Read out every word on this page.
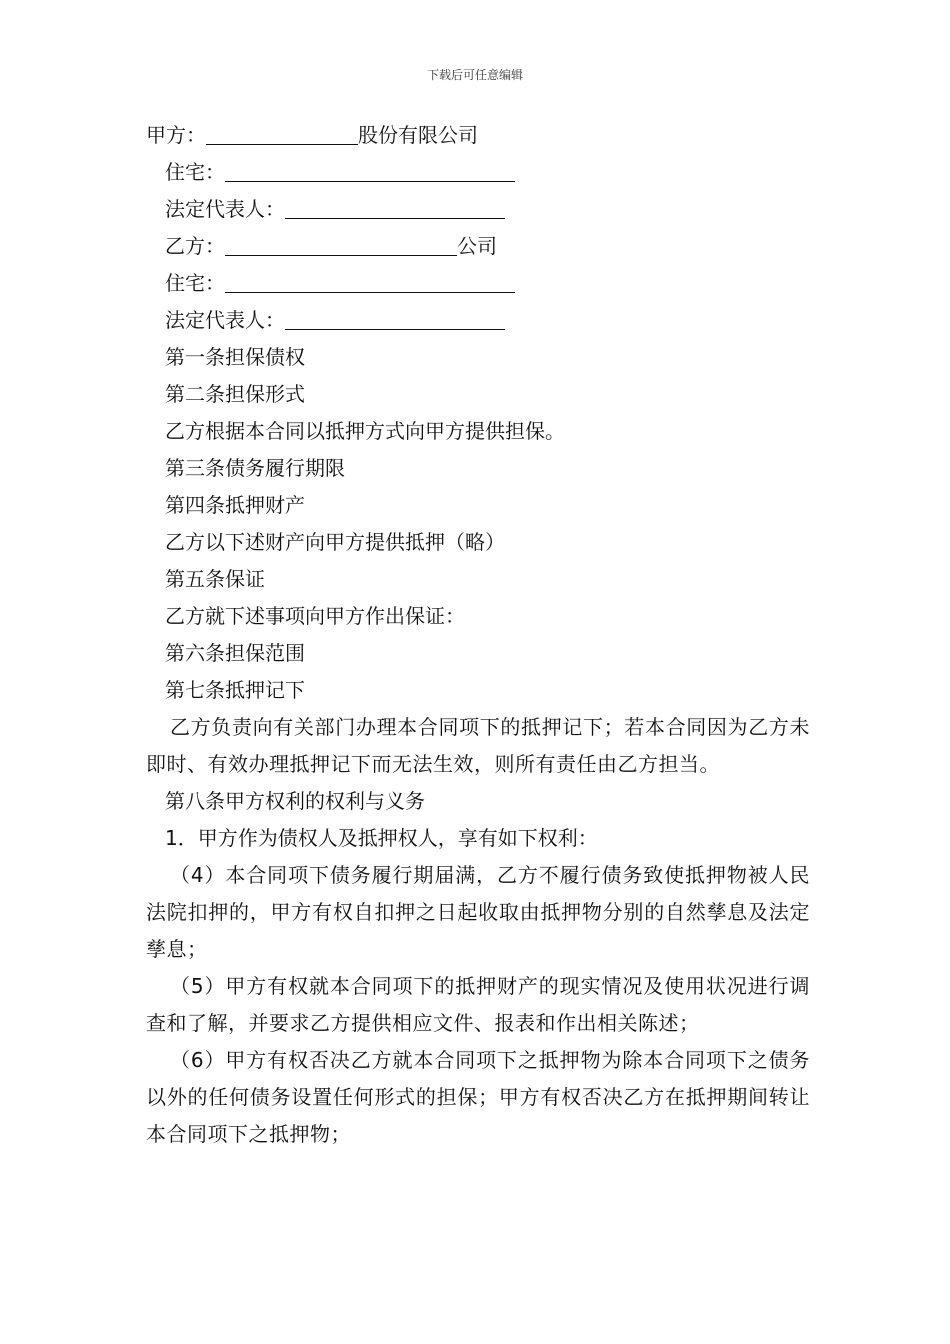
下载后可任意编辑
甲方：	股份有限公司
住宅：
法定代表人：
乙方：	公司
住宅：
法定代表人：
第一条担保债权
第二条担保形式
乙方根据本合同以抵押方式向甲方提供担保。
第三条债务履行期限
第四条抵押财产
乙方以下述财产向甲方提供抵押（略）
第五条保证
乙方就下述事项向甲方作出保证：
第六条担保范围
第七条抵押记下
乙方负责向有关部门办理本合同项下的抵押记下；若本合同因为乙方未即时、有效办理抵押记下而无法生效，则所有责任由乙方担当。
第八条甲方权利的权利与义务
1．甲方作为债权人及抵押权人，享有如下权利：
（4）本合同项下债务履行期届满，乙方不履行债务致使抵押物被人民法院扣押的，甲方有权自扣押之日起收取由抵押物分别的自然孳息及法定孳息；
（5）甲方有权就本合同项下的抵押财产的现实情况及使用状况进行调查和了解，并要求乙方提供相应文件、报表和作出相关陈述；
（6）甲方有权否决乙方就本合同项下之抵押物为除本合同项下之债务以外的任何债务设置任何形式的担保；甲方有权否决乙方在抵押期间转让本合同项下之抵押物；
